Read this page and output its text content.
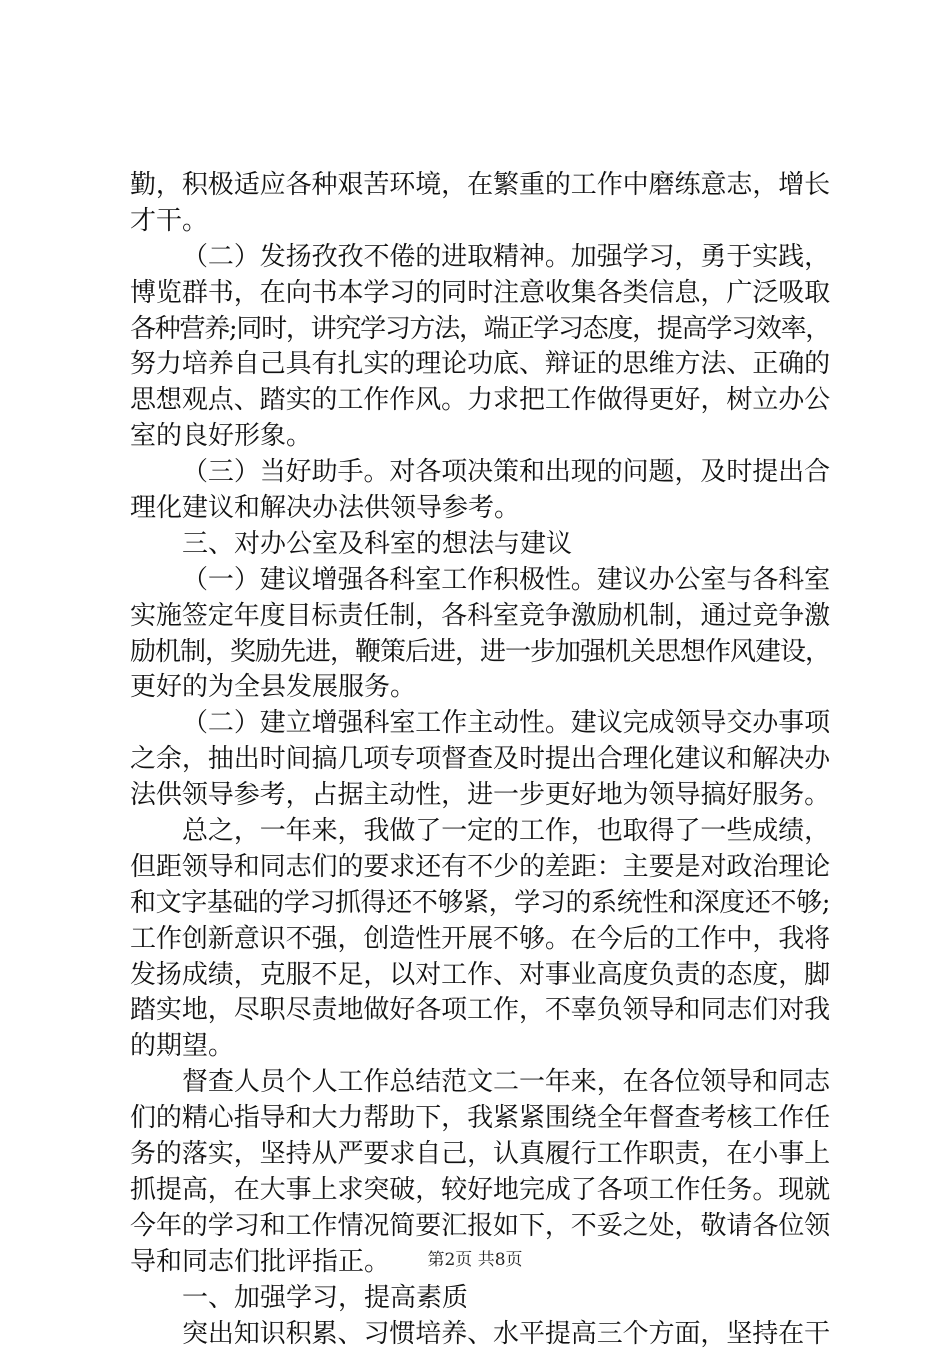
勤，积极适应各种艰苦环境，在繁重的工作中磨练意志，增长
才干。
（二）发扬孜孜不倦的进取精神。加强学习，勇于实践，
博览群书，在向书本学习的同时注意收集各类信息，广泛吸取
各种营养;同时，讲究学习方法，端正学习态度，提高学习效率，
努力培养自己具有扎实的理论功底、辩证的思维方法、正确的
思想观点、踏实的工作作风。力求把工作做得更好，树立办公
室的良好形象。
（三）当好助手。对各项决策和出现的问题，及时提出合
理化建议和解决办法供领导参考。
三、对办公室及科室的想法与建议
（一）建议增强各科室工作积极性。建议办公室与各科室
实施签定年度目标责任制，各科室竞争激励机制，通过竞争激
励机制，奖励先进，鞭策后进，进一步加强机关思想作风建设，
更好的为全县发展服务。
（二）建立增强科室工作主动性。建议完成领导交办事项
之余，抽出时间搞几项专项督查及时提出合理化建议和解决办
法供领导参考，占据主动性，进一步更好地为领导搞好服务。
总之，一年来，我做了一定的工作，也取得了一些成绩，
但距领导和同志们的要求还有不少的差距：主要是对政治理论
和文字基础的学习抓得还不够紧，学习的系统性和深度还不够;
工作创新意识不强，创造性开展不够。在今后的工作中，我将
发扬成绩，克服不足，以对工作、对事业高度负责的态度，脚
踏实地，尽职尽责地做好各项工作，不辜负领导和同志们对我
的期望。
督查人员个人工作总结范文二一年来，在各位领导和同志
们的精心指导和大力帮助下，我紧紧围绕全年督查考核工作任
务的落实，坚持从严要求自己，认真履行工作职责，在小事上
抓提高，在大事上求突破，较好地完成了各项工作任务。现就
今年的学习和工作情况简要汇报如下，不妥之处，敬请各位领
导和同志们批评指正。
一、加强学习，提高素质
突出知识积累、习惯培养、水平提高三个方面，坚持在干
第2页 共8页
